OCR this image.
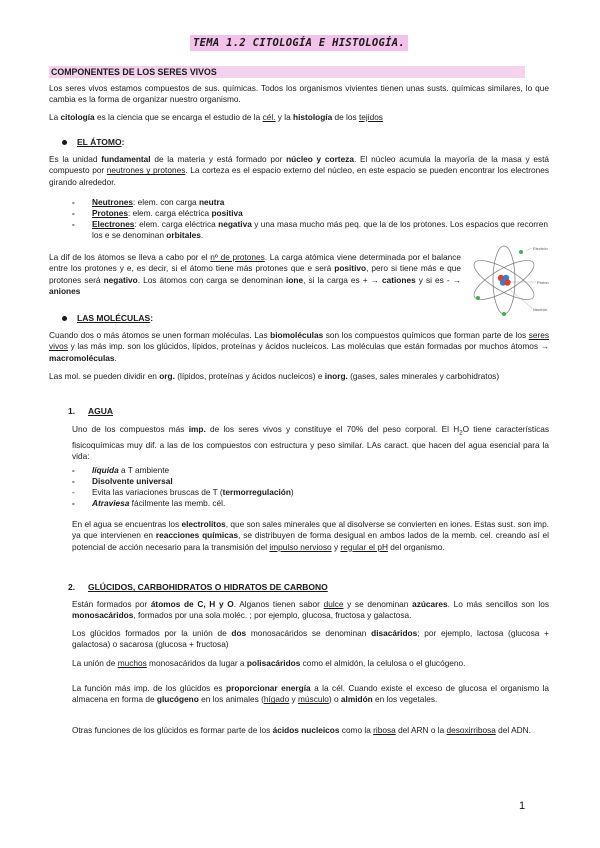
TEMA 1.2 CITOLOGÍA E HISTOLOGÍA.
COMPONENTES DE LOS SERES VIVOS
Los seres vivos estamos compuestos de sus. químicas. Todos los organismos vivientes tienen unas susts. químicas similares, lo que cambia es la forma de organizar nuestro organismo.
La citología es la ciencia que se encarga el estudio de la cél. y la histología de los tejidos
EL ÁTOMO:
Es la unidad fundamental de la materia y está formado por núcleo y corteza. El núcleo acumula la mayoría de la masa y está compuesto por neutrones y protones. La corteza es el espacio externo del núcleo, en este espacio se pueden encontrar los electrones girando alrededor.
- Neutrones: elem. con carga neutra
- Protones: elem. carga eléctrica positiva
- Electrones: elem. carga eléctrica negativa y una masa mucho más peq. que la de los protones. Los espacios que recorren los e se denominan orbitales.
La dif de los átomos se lleva a cabo por el nº de protones. La carga atómica viene determinada por el balance entre los protones y e, es decir, si el átomo tiene más protones que e será positivo, pero si tiene más e que protones será negativo. Los átomos con carga se denominan ione, si la carga es + → cationes y si es - → aniones
Electrón
Protón
Neutrón
LAS MOLÉCULAS:
Cuando dos o más átomos se unen forman moléculas. Las biomoléculas son los compuestos químicos que forman parte de los seres vivos y las más imp. son los glúcidos, lípidos, proteínas y ácidos nucleicos. Las moléculas que están formadas por muchos átomos → macromoléculas.
Las mol. se pueden dividir en org. (lípidos, proteínas y ácidos nucleicos) e inorg. (gases, sales minerales y carbohidratos)
1. AGUA
Uno de los compuestos más imp. de los seres vivos y constituye el 70% del peso corporal. El $H_2O$ tiene características fisicoquímicas muy dif. a las de los compuestos con estructura y peso similar. LAs caract. que hacen del agua esencial para la vida:
- líquida a T ambiente
- Disolvente universal
- Evita las variaciones bruscas de T (termorregulación)
- Atraviesa fácilmente las memb. cél.
En el agua se encuentras los electrolitos, que son sales minerales que al disolverse se convierten en iones. Estas sust. son imp. ya que intervienen en reacciones químicas, se distribuyen de forma desigual en ambos lados de la memb. cel. creando así el potencial de acción necesario para la transmisión del impulso nervioso y regular el pH del organismo.
2. GLÚCIDOS, CARBOHIDRATOS O HIDRATOS DE CARBONO
Están formados por átomos de C, H y O. Alganos tienen sabor dulce y se denominan azúcares. Lo más sencillos son los monosacáridos, formados por una sola moléc. ; por ejemplo, glucosa, fructosa y galactosa.
Los glúcidos formados por la unión de dos monosacáridos se denominan disacáridos; por ejemplo, lactosa (glucosa + galactosa) o sacarosa (glucosa + fructosa)
La unión de muchos monosacáridos da lugar a polisacáridos como el almidón, la celulosa o el glucógeno.
La función más imp. de los glúcidos es proporcionar energía a la cél. Cuando existe el exceso de glucosa el organismo la almacena en forma de glucógeno en los animales (hígado y músculo) o almidón en los vegetales.
Otras funciones de los glúcidos es formar parte de los ácidos nucleicos como la ribosa del ARN o la desoxirribosa del ADN.
1
